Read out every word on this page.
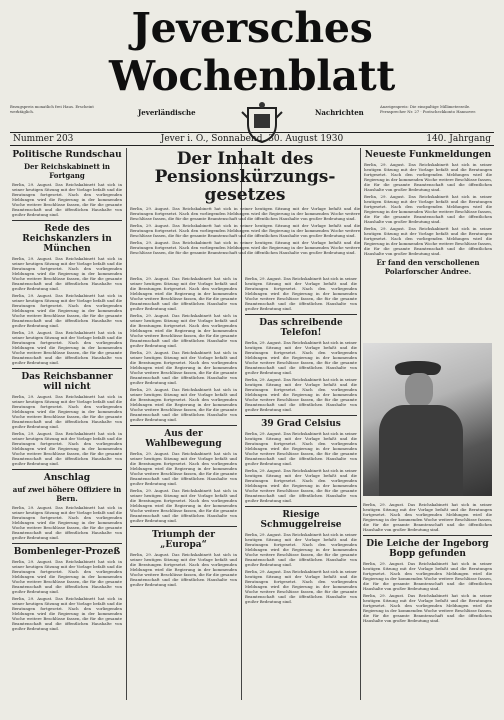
Jeversches Wochenblatt
Bezugspreis monatlich frei Haus. Erscheint werktäglich.	Jeverländische	Nachrichten
Anzeigenpreis: Die einspaltige Millimeterzeile. Fernsprecher Nr. 27 · Postscheckkonto Hannover.
Nummer 203	Jever i. O., Sonnabend, 30. August 1930	140. Jahrgang
Politische Rundschau
Der Reichskabinett in Fortgang
Berlin, 29. August. Das Reichskabinett hat sich in seiner heutigen Sitzung mit der Vorlage befaßt und die Beratungen fortgesetzt. Nach den vorliegenden Meldungen wird die Regierung in der kommenden Woche weitere Beschlüsse fassen, die für die gesamte Beamtenschaft und die öffentlichen Haushalte von großer Bedeutung sind.
Rede des Reichskanzlers in München
Berlin, 29. August. Das Reichskabinett hat sich in seiner heutigen Sitzung mit der Vorlage befaßt und die Beratungen fortgesetzt. Nach den vorliegenden Meldungen wird die Regierung in der kommenden Woche weitere Beschlüsse fassen, die für die gesamte Beamtenschaft und die öffentlichen Haushalte von großer Bedeutung sind.
Berlin, 29. August. Das Reichskabinett hat sich in seiner heutigen Sitzung mit der Vorlage befaßt und die Beratungen fortgesetzt. Nach den vorliegenden Meldungen wird die Regierung in der kommenden Woche weitere Beschlüsse fassen, die für die gesamte Beamtenschaft und die öffentlichen Haushalte von großer Bedeutung sind.
Berlin, 29. August. Das Reichskabinett hat sich in seiner heutigen Sitzung mit der Vorlage befaßt und die Beratungen fortgesetzt. Nach den vorliegenden Meldungen wird die Regierung in der kommenden Woche weitere Beschlüsse fassen, die für die gesamte Beamtenschaft und die öffentlichen Haushalte von großer Bedeutung sind.
Das Reichsbanner will nicht
Berlin, 29. August. Das Reichskabinett hat sich in seiner heutigen Sitzung mit der Vorlage befaßt und die Beratungen fortgesetzt. Nach den vorliegenden Meldungen wird die Regierung in der kommenden Woche weitere Beschlüsse fassen, die für die gesamte Beamtenschaft und die öffentlichen Haushalte von großer Bedeutung sind.
Berlin, 29. August. Das Reichskabinett hat sich in seiner heutigen Sitzung mit der Vorlage befaßt und die Beratungen fortgesetzt. Nach den vorliegenden Meldungen wird die Regierung in der kommenden Woche weitere Beschlüsse fassen, die für die gesamte Beamtenschaft und die öffentlichen Haushalte von großer Bedeutung sind.
Anschlag
auf zwei höhere Offiziere in Bern.
Berlin, 29. August. Das Reichskabinett hat sich in seiner heutigen Sitzung mit der Vorlage befaßt und die Beratungen fortgesetzt. Nach den vorliegenden Meldungen wird die Regierung in der kommenden Woche weitere Beschlüsse fassen, die für die gesamte Beamtenschaft und die öffentlichen Haushalte von großer Bedeutung sind.
Bombenleger-Prozeß
Berlin, 29. August. Das Reichskabinett hat sich in seiner heutigen Sitzung mit der Vorlage befaßt und die Beratungen fortgesetzt. Nach den vorliegenden Meldungen wird die Regierung in der kommenden Woche weitere Beschlüsse fassen, die für die gesamte Beamtenschaft und die öffentlichen Haushalte von großer Bedeutung sind.
Berlin, 29. August. Das Reichskabinett hat sich in seiner heutigen Sitzung mit der Vorlage befaßt und die Beratungen fortgesetzt. Nach den vorliegenden Meldungen wird die Regierung in der kommenden Woche weitere Beschlüsse fassen, die für die gesamte Beamtenschaft und die öffentlichen Haushalte von großer Bedeutung sind.
Der Inhalt des Pensionskürzungs-gesetzes
Berlin, 29. August. Das Reichskabinett hat sich in seiner heutigen Sitzung mit der Vorlage befaßt und die Beratungen fortgesetzt. Nach den vorliegenden Meldungen wird die Regierung in der kommenden Woche weitere Beschlüsse fassen, die für die gesamte Beamtenschaft und die öffentlichen Haushalte von großer Bedeutung sind.
Berlin, 29. August. Das Reichskabinett hat sich in seiner heutigen Sitzung mit der Vorlage befaßt und die Beratungen fortgesetzt. Nach den vorliegenden Meldungen wird die Regierung in der kommenden Woche weitere Beschlüsse fassen, die für die gesamte Beamtenschaft und die öffentlichen Haushalte von großer Bedeutung sind.
Berlin, 29. August. Das Reichskabinett hat sich in seiner heutigen Sitzung mit der Vorlage befaßt und die Beratungen fortgesetzt. Nach den vorliegenden Meldungen wird die Regierung in der kommenden Woche weitere Beschlüsse fassen, die für die gesamte Beamtenschaft und die öffentlichen Haushalte von großer Bedeutung sind.
Berlin, 29. August. Das Reichskabinett hat sich in seiner heutigen Sitzung mit der Vorlage befaßt und die Beratungen fortgesetzt. Nach den vorliegenden Meldungen wird die Regierung in der kommenden Woche weitere Beschlüsse fassen, die für die gesamte Beamtenschaft und die öffentlichen Haushalte von großer Bedeutung sind.
Berlin, 29. August. Das Reichskabinett hat sich in seiner heutigen Sitzung mit der Vorlage befaßt und die Beratungen fortgesetzt. Nach den vorliegenden Meldungen wird die Regierung in der kommenden Woche weitere Beschlüsse fassen, die für die gesamte Beamtenschaft und die öffentlichen Haushalte von großer Bedeutung sind.
Berlin, 29. August. Das Reichskabinett hat sich in seiner heutigen Sitzung mit der Vorlage befaßt und die Beratungen fortgesetzt. Nach den vorliegenden Meldungen wird die Regierung in der kommenden Woche weitere Beschlüsse fassen, die für die gesamte Beamtenschaft und die öffentlichen Haushalte von großer Bedeutung sind.
Berlin, 29. August. Das Reichskabinett hat sich in seiner heutigen Sitzung mit der Vorlage befaßt und die Beratungen fortgesetzt. Nach den vorliegenden Meldungen wird die Regierung in der kommenden Woche weitere Beschlüsse fassen, die für die gesamte Beamtenschaft und die öffentlichen Haushalte von großer Bedeutung sind.
Aus der Wahlbewegung
Berlin, 29. August. Das Reichskabinett hat sich in seiner heutigen Sitzung mit der Vorlage befaßt und die Beratungen fortgesetzt. Nach den vorliegenden Meldungen wird die Regierung in der kommenden Woche weitere Beschlüsse fassen, die für die gesamte Beamtenschaft und die öffentlichen Haushalte von großer Bedeutung sind.
Berlin, 29. August. Das Reichskabinett hat sich in seiner heutigen Sitzung mit der Vorlage befaßt und die Beratungen fortgesetzt. Nach den vorliegenden Meldungen wird die Regierung in der kommenden Woche weitere Beschlüsse fassen, die für die gesamte Beamtenschaft und die öffentlichen Haushalte von großer Bedeutung sind.
Triumph der „Europa“
Berlin, 29. August. Das Reichskabinett hat sich in seiner heutigen Sitzung mit der Vorlage befaßt und die Beratungen fortgesetzt. Nach den vorliegenden Meldungen wird die Regierung in der kommenden Woche weitere Beschlüsse fassen, die für die gesamte Beamtenschaft und die öffentlichen Haushalte von großer Bedeutung sind.
Berlin, 29. August. Das Reichskabinett hat sich in seiner heutigen Sitzung mit der Vorlage befaßt und die Beratungen fortgesetzt. Nach den vorliegenden Meldungen wird die Regierung in der kommenden Woche weitere Beschlüsse fassen, die für die gesamte Beamtenschaft und die öffentlichen Haushalte von großer Bedeutung sind.
Das schreibende Telefon!
Berlin, 29. August. Das Reichskabinett hat sich in seiner heutigen Sitzung mit der Vorlage befaßt und die Beratungen fortgesetzt. Nach den vorliegenden Meldungen wird die Regierung in der kommenden Woche weitere Beschlüsse fassen, die für die gesamte Beamtenschaft und die öffentlichen Haushalte von großer Bedeutung sind.
Berlin, 29. August. Das Reichskabinett hat sich in seiner heutigen Sitzung mit der Vorlage befaßt und die Beratungen fortgesetzt. Nach den vorliegenden Meldungen wird die Regierung in der kommenden Woche weitere Beschlüsse fassen, die für die gesamte Beamtenschaft und die öffentlichen Haushalte von großer Bedeutung sind.
39 Grad Celsius
Berlin, 29. August. Das Reichskabinett hat sich in seiner heutigen Sitzung mit der Vorlage befaßt und die Beratungen fortgesetzt. Nach den vorliegenden Meldungen wird die Regierung in der kommenden Woche weitere Beschlüsse fassen, die für die gesamte Beamtenschaft und die öffentlichen Haushalte von großer Bedeutung sind.
Berlin, 29. August. Das Reichskabinett hat sich in seiner heutigen Sitzung mit der Vorlage befaßt und die Beratungen fortgesetzt. Nach den vorliegenden Meldungen wird die Regierung in der kommenden Woche weitere Beschlüsse fassen, die für die gesamte Beamtenschaft und die öffentlichen Haushalte von großer Bedeutung sind.
Riesige Schmuggelreise
Berlin, 29. August. Das Reichskabinett hat sich in seiner heutigen Sitzung mit der Vorlage befaßt und die Beratungen fortgesetzt. Nach den vorliegenden Meldungen wird die Regierung in der kommenden Woche weitere Beschlüsse fassen, die für die gesamte Beamtenschaft und die öffentlichen Haushalte von großer Bedeutung sind.
Berlin, 29. August. Das Reichskabinett hat sich in seiner heutigen Sitzung mit der Vorlage befaßt und die Beratungen fortgesetzt. Nach den vorliegenden Meldungen wird die Regierung in der kommenden Woche weitere Beschlüsse fassen, die für die gesamte Beamtenschaft und die öffentlichen Haushalte von großer Bedeutung sind.
Neueste Funkmeldungen
Berlin, 29. August. Das Reichskabinett hat sich in seiner heutigen Sitzung mit der Vorlage befaßt und die Beratungen fortgesetzt. Nach den vorliegenden Meldungen wird die Regierung in der kommenden Woche weitere Beschlüsse fassen, die für die gesamte Beamtenschaft und die öffentlichen Haushalte von großer Bedeutung sind.
Berlin, 29. August. Das Reichskabinett hat sich in seiner heutigen Sitzung mit der Vorlage befaßt und die Beratungen fortgesetzt. Nach den vorliegenden Meldungen wird die Regierung in der kommenden Woche weitere Beschlüsse fassen, die für die gesamte Beamtenschaft und die öffentlichen Haushalte von großer Bedeutung sind.
Berlin, 29. August. Das Reichskabinett hat sich in seiner heutigen Sitzung mit der Vorlage befaßt und die Beratungen fortgesetzt. Nach den vorliegenden Meldungen wird die Regierung in der kommenden Woche weitere Beschlüsse fassen, die für die gesamte Beamtenschaft und die öffentlichen Haushalte von großer Bedeutung sind.
Er fand den verschollenen Polarforscher Andree.
Berlin, 29. August. Das Reichskabinett hat sich in seiner heutigen Sitzung mit der Vorlage befaßt und die Beratungen fortgesetzt. Nach den vorliegenden Meldungen wird die Regierung in der kommenden Woche weitere Beschlüsse fassen, die für die gesamte Beamtenschaft und die öffentlichen Haushalte von großer Bedeutung sind.
Die Leiche der Ingeborg Bopp gefunden
Berlin, 29. August. Das Reichskabinett hat sich in seiner heutigen Sitzung mit der Vorlage befaßt und die Beratungen fortgesetzt. Nach den vorliegenden Meldungen wird die Regierung in der kommenden Woche weitere Beschlüsse fassen, die für die gesamte Beamtenschaft und die öffentlichen Haushalte von großer Bedeutung sind.
Berlin, 29. August. Das Reichskabinett hat sich in seiner heutigen Sitzung mit der Vorlage befaßt und die Beratungen fortgesetzt. Nach den vorliegenden Meldungen wird die Regierung in der kommenden Woche weitere Beschlüsse fassen, die für die gesamte Beamtenschaft und die öffentlichen Haushalte von großer Bedeutung sind.
